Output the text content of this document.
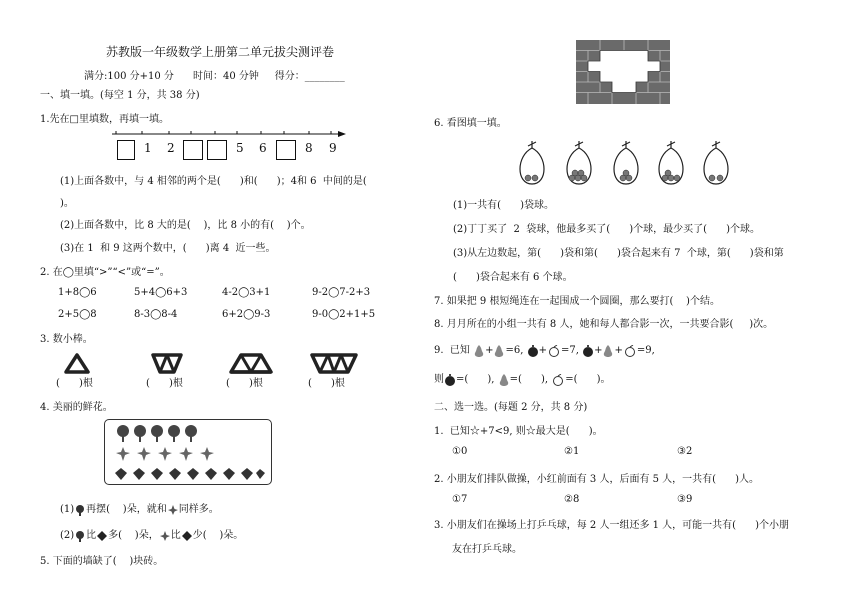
苏教版一年级数学上册第二单元拔尖测评卷
满分:100 分+10 分      时间：40 分钟     得分：________
一、填一填。(每空 1 分，共 38 分)
1.先在□里填数，再填一填。
1 2	5 6	8 9
(1)上面各数中，与 4 相邻的两个是(      )和(      )；4和 6  中间的是(
)。
(2)上面各数中，比 8 大的是(    )，比 8 小的有(    )个。
(3)在 1  和 9 这两个数中，(      )离 4  近一些。
2. 在◯里填“>”“<”或“=”。
1+8◯6	5+4◯6+3	4-2◯3+1	9-2◯7-2+3
2+5◯8	8-3◯8-4	6+2◯9-3	9-0◯2+1+5
3. 数小棒。
(      )根	(      )根	(      )根	(      )根
4. 美丽的鲜花。
(1) 再摆(    )朵，就和 同样多。
(2) 比 多(    )朵， 比 少(    )朵。
5. 下面的墙缺了(    )块砖。
6. 看图填一填。
(1)一共有(      )袋球。
(2)丁丁买了  2  袋球，他最多买了(      )个球，最少买了(      )个球。
(3)从左边数起，第(      )袋和第(      )袋合起来有 7  个球，第(      )袋和第
(      )袋合起来有 6 个球。
7. 如果把 9 根短绳连在一起围成一个圆圈，那么要打(    )个结。
8. 月月所在的小组一共有 8 人，她和每人都合影一次，一共要合影(     )次。
9.  已知 + =6, + =7, + + =9,
则 =(      ), =(      ), =(      )。
二、选一选。(每题 2 分，共 8 分)
1.  已知☆+7<9, 则☆最大是(      )。
①0	②1	③2
2. 小朋友们排队做操，小红前面有 3 人，后面有 5 人，一共有(      )人。
①7	②8	③9
3. 小朋友们在操场上打乒乓球，每 2 人一组还多 1 人，可能一共有(      )个小朋
友在打乒乓球。
